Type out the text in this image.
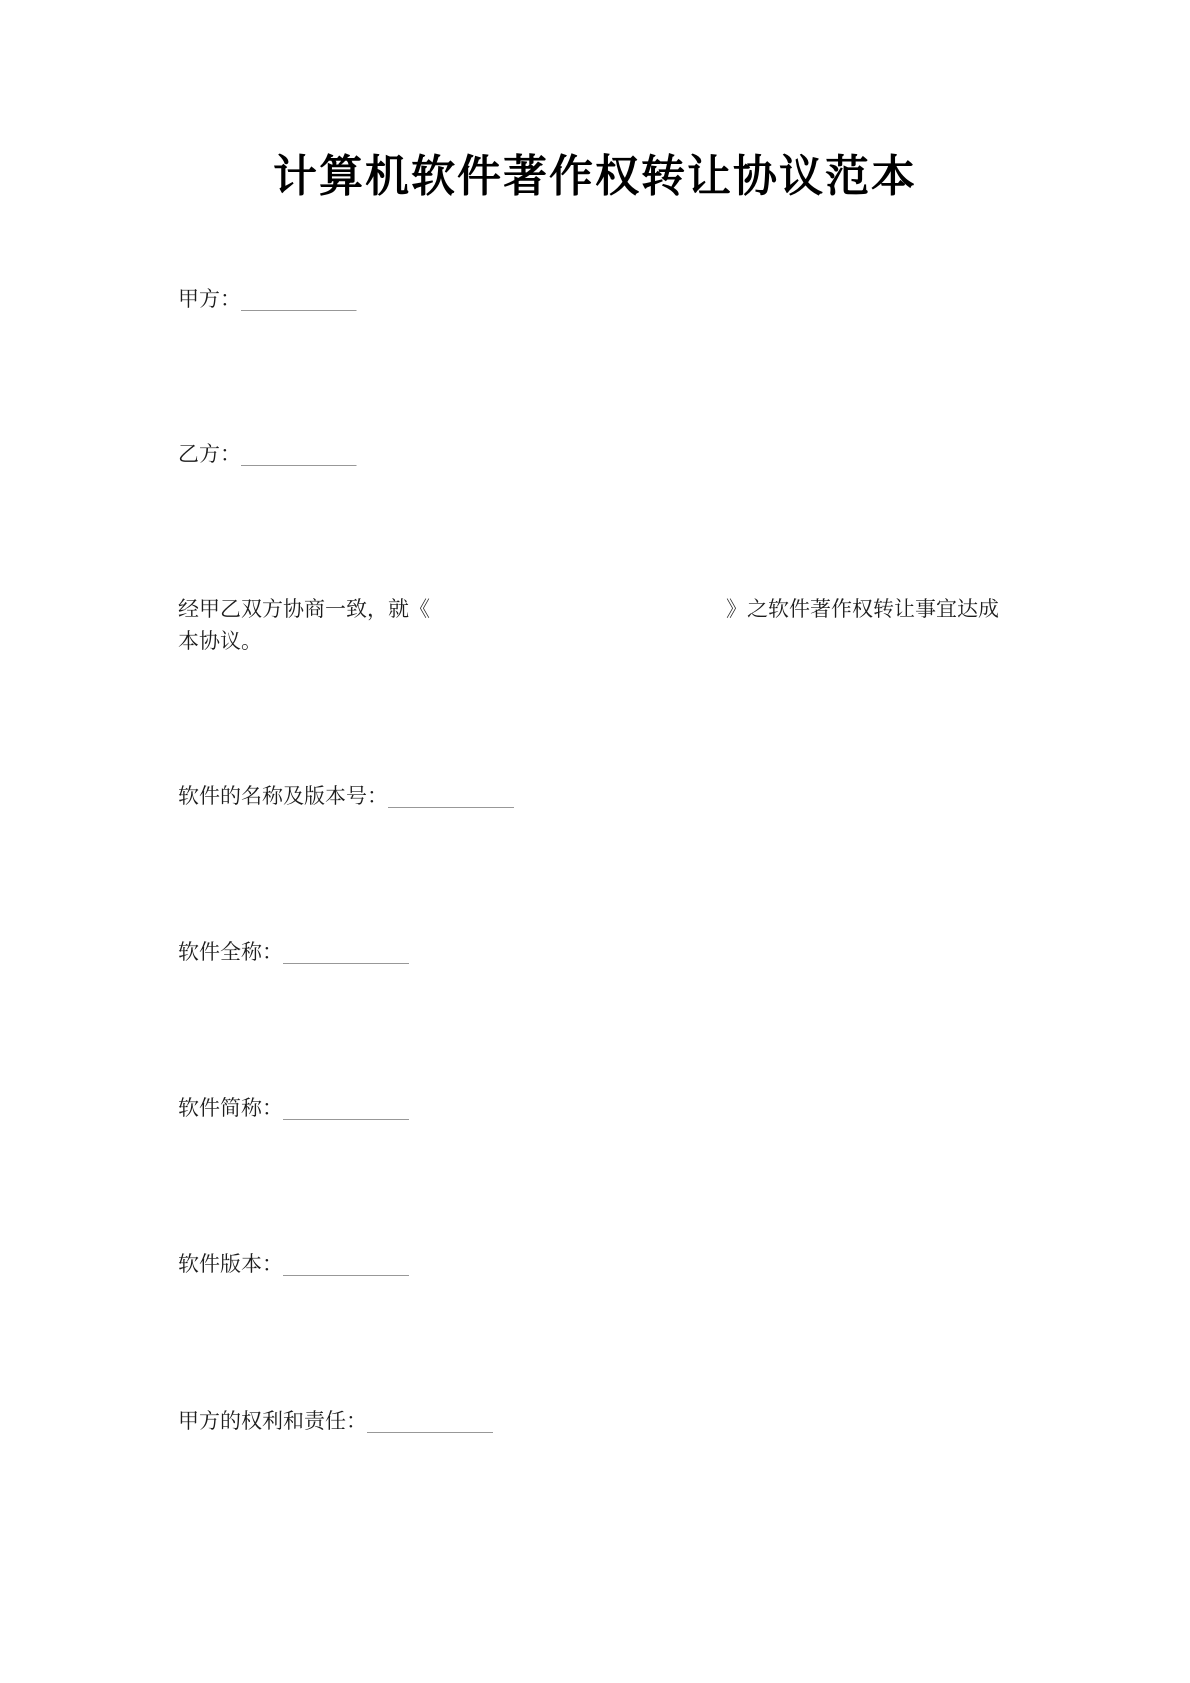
计算机软件著作权转让协议范本
甲方：___________
乙方：___________
经甲乙双方协商一致，就《	》之软件著作权转让事宜达成
本协议。
软件的名称及版本号：____________
软件全称：____________
软件简称：____________
软件版本：____________
甲方的权利和责任：____________
